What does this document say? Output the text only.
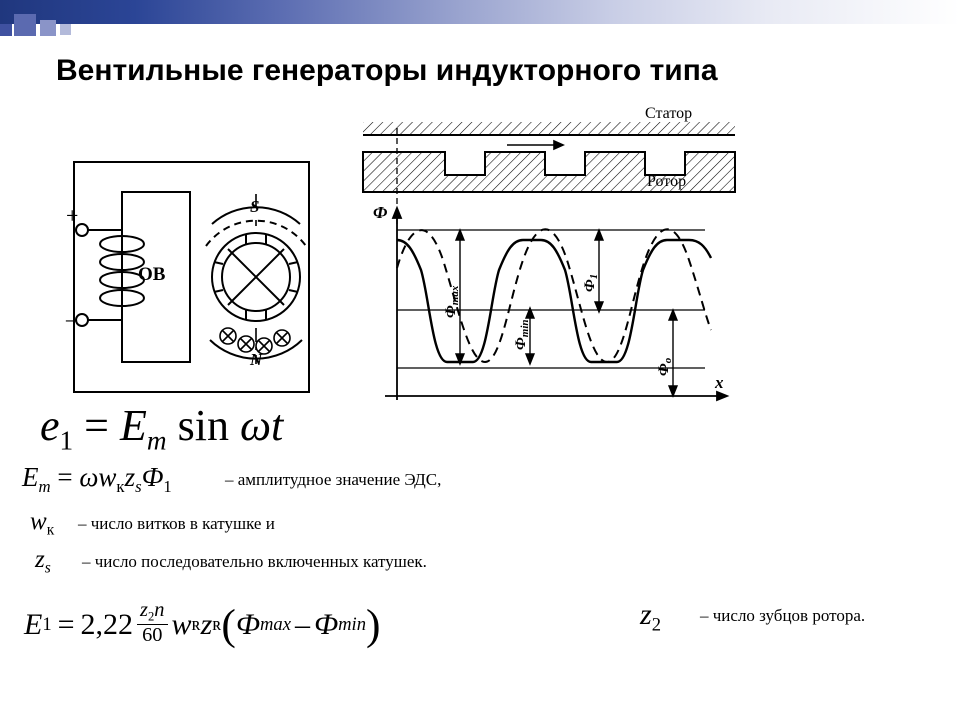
Вентильные генераторы индукторного типа
+
–
ОВ
S
N
Статор
Ротор
Ф
x
$Ф_{max}$
$Ф_{min}$
$Ф_1$
$Ф_o$
$e_1 = E_m$ sin ωt
$E_m = \omega w_кz_sФ_1$	– амплитудное значение ЭДС,
$w_к$ – число витков в катушке и
$z_s$ – число последовательно включенных катушек.
E $1 = 2,22 \frac{z_2n}{60}$ w ʀ z ʀ ( Ф max – Ф min )	$z_2$ – число зубцов ротора.
